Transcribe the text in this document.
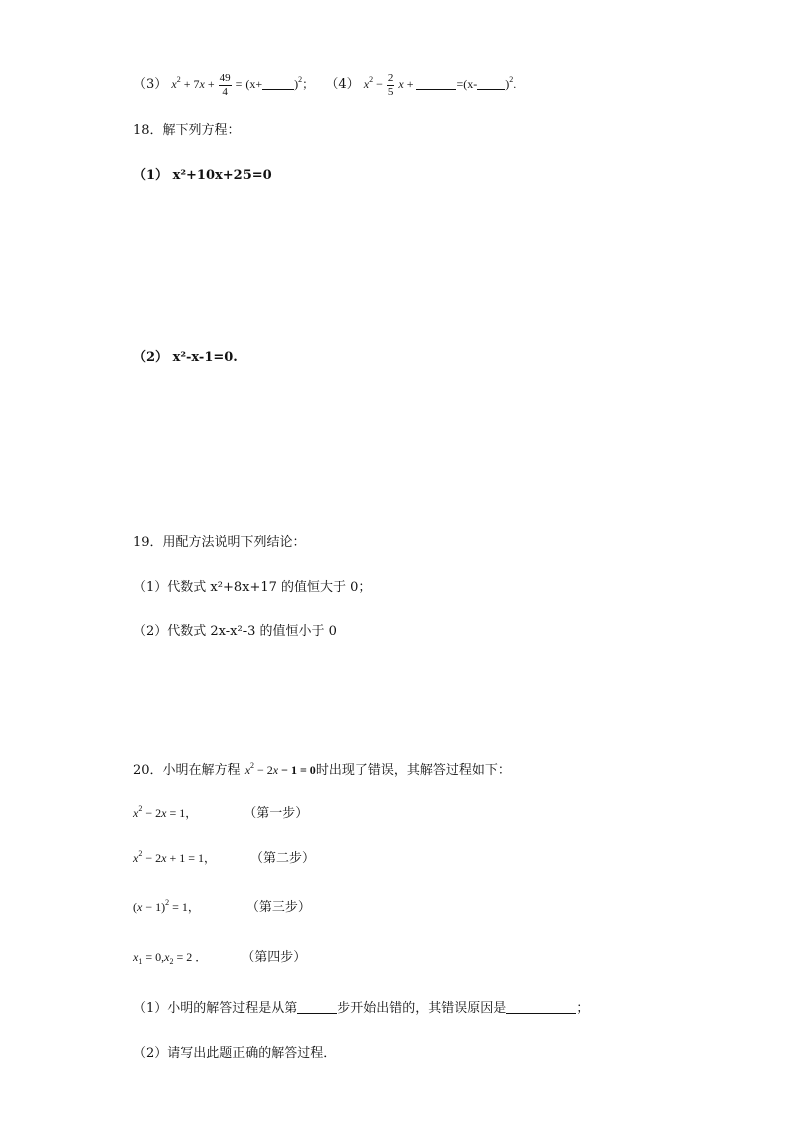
（3） $x^2 + 7x + \frac{49}{4} = (x+$	)$^2$； （4） $x^2 - \frac{2}{5}$ x +	=(x- )$^2$.
18．解下列方程：
（1） x²+10x+25=0
（2） x²-x-1=0.
19．用配方法说明下列结论：
（1）代数式 x²+8x+17 的值恒大于 0；
（2）代数式 2x-x²-3 的值恒小于 0
20．小明在解方程 $x^2 - 2x - 1 = 0$时出现了错误，其解答过程如下：
$x^2 - 2x = 1$，	（第一步）
$x^2 - 2x + 1 = 1$，	（第二步）
$(x - 1)^2 = 1$，	（第三步）
$x_1 = 0,x_2 = 2$ ．	（第四步）
（1）小明的解答过程是从第	步开始出错的，其错误原因是	；
（2）请写出此题正确的解答过程．
